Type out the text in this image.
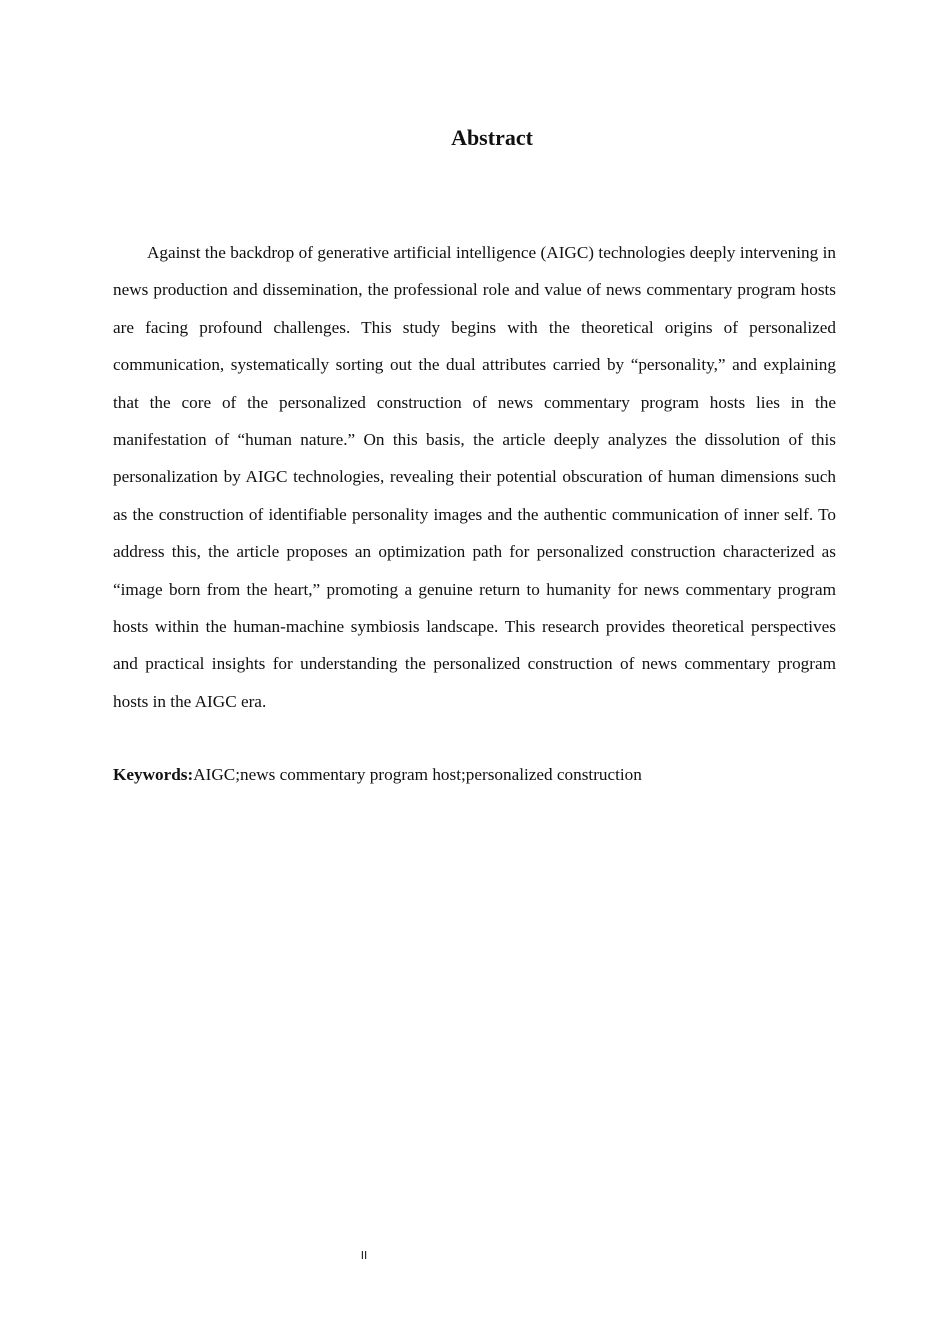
Abstract

Against the backdrop of generative artificial intelligence (AIGC) technologies deeply intervening in news production and dissemination, the professional role and value of news commentary program hosts are facing profound challenges. This study begins with the theoretical origins of personalized communication, systematically sorting out the dual attributes carried by “personality,” and explaining that the core of the personalized construction of news commentary program hosts lies in the manifestation of “human nature.” On this basis, the article deeply analyzes the dissolution of this personalization by AIGC technologies, revealing their potential obscuration of human dimensions such as the construction of identifiable personality images and the authentic communication of inner self. To address this, the article proposes an optimization path for personalized construction characterized as “image born from the heart,” promoting a genuine return to humanity for news commentary program hosts within the human-machine symbiosis landscape. This research provides theoretical perspectives and practical insights for understanding the personalized construction of news commentary program hosts in the AIGC era.

Keywords:AIGC;news commentary program host;personalized construction

II
